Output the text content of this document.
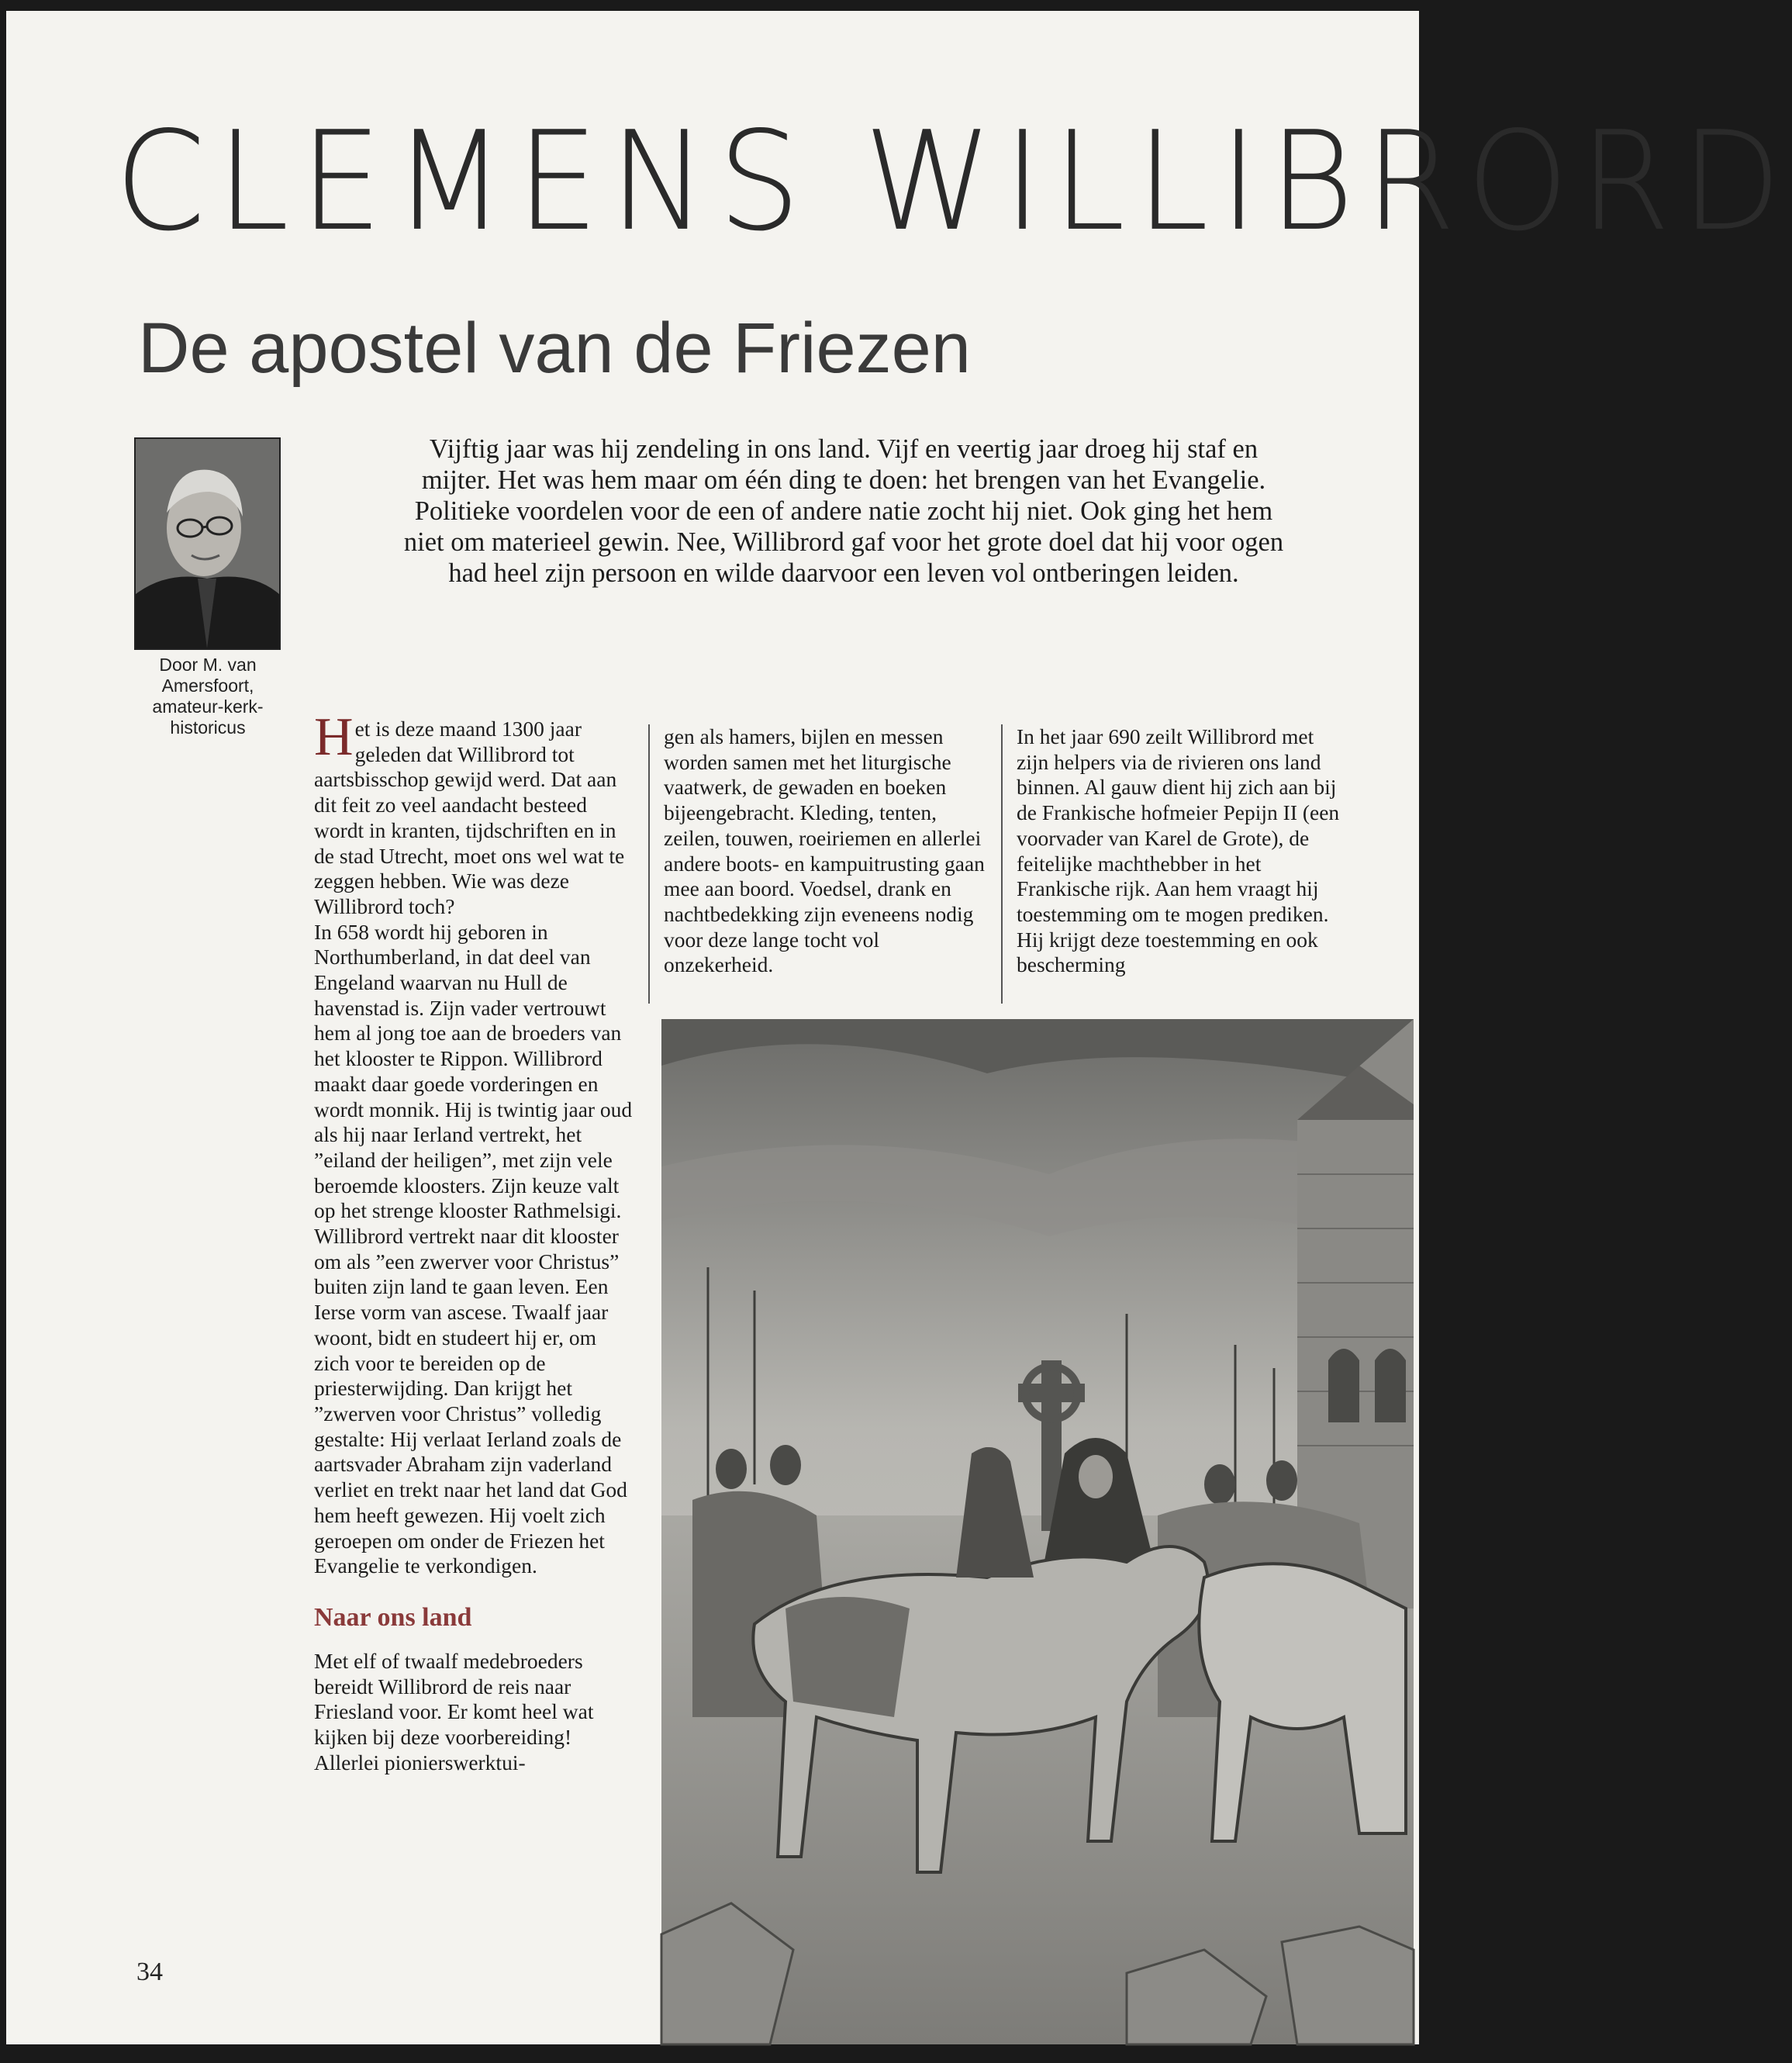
CLEMENS WILLIBRORD
De apostel van de Friezen
Door M. van Amersfoort, amateur-kerk-historicus
Vijftig jaar was hij zendeling in ons land. Vijf en veertig jaar droeg hij staf en mijter. Het was hem maar om één ding te doen: het brengen van het Evangelie. Politieke voordelen voor de een of andere natie zocht hij niet. Ook ging het hem niet om materieel gewin. Nee, Willibrord gaf voor het grote doel dat hij voor ogen had heel zijn persoon en wilde daarvoor een leven vol ontberingen leiden.

Het is deze maand 1300 jaar geleden dat Willibrord tot aartsbisschop gewijd werd. Dat aan dit feit zo veel aandacht besteed wordt in kranten, tijdschriften en in de stad Utrecht, moet ons wel wat te zeggen hebben. Wie was deze Willibrord toch?

In 658 wordt hij geboren in Northumberland, in dat deel van Engeland waarvan nu Hull de havenstad is. Zijn vader vertrouwt hem al jong toe aan de broeders van het klooster te Rippon. Willibrord maakt daar goede vorderingen en wordt monnik. Hij is twintig jaar oud als hij naar Ierland vertrekt, het ”eiland der heiligen”, met zijn vele beroemde kloosters. Zijn keuze valt op het strenge klooster Rathmelsigi.

Willibrord vertrekt naar dit klooster om als ”een zwerver voor Christus” buiten zijn land te gaan leven. Een Ierse vorm van ascese. Twaalf jaar woont, bidt en studeert hij er, om zich voor te bereiden op de priesterwijding. Dan krijgt het ”zwerven voor Christus” volledig gestalte: Hij verlaat Ierland zoals de aartsvader Abraham zijn vaderland verliet en trekt naar het land dat God hem heeft gewezen. Hij voelt zich geroepen om onder de Friezen het Evangelie te verkondigen.

Naar ons land

Met elf of twaalf medebroeders bereidt Willibrord de reis naar Friesland voor. Er komt heel wat kijken bij deze voorbereiding! Allerlei pionierswerktui-

gen als hamers, bijlen en messen worden samen met het liturgische vaatwerk, de gewaden en boeken bijeengebracht. Kleding, tenten, zeilen, touwen, roeiriemen en allerlei andere boots- en kampuitrusting gaan mee aan boord. Voedsel, drank en nachtbedekking zijn eveneens nodig voor deze lange tocht vol onzekerheid.

In het jaar 690 zeilt Willibrord met zijn helpers via de rivieren ons land binnen. Al gauw dient hij zich aan bij de Frankische hofmeier Pepijn II (een voorvader van Karel de Grote), de feitelijke machthebber in het Frankische rijk. Aan hem vraagt hij toestemming om te mogen prediken. Hij krijgt deze toestemming en ook bescherming

34
